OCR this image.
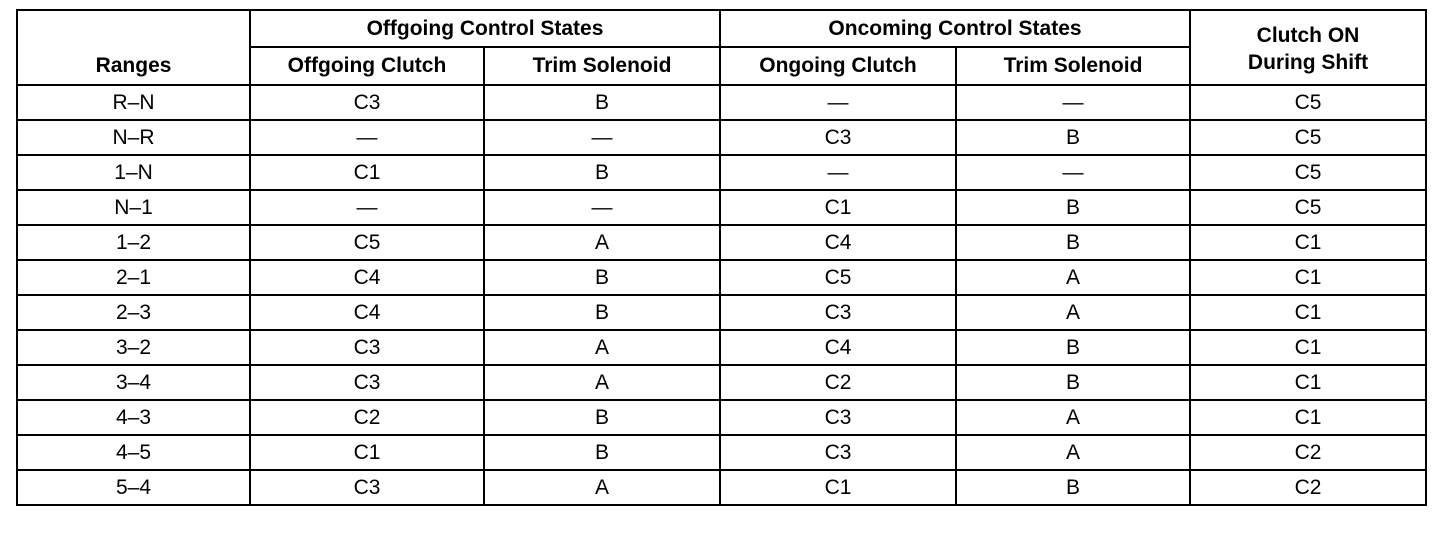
Ranges	Offgoing Control States		Oncoming Control States		Clutch ON
During Shift
	Offgoing Clutch	Trim Solenoid	Ongoing Clutch	Trim Solenoid	
R–N	C3	B	—	—	C5
N–R	—	—	C3	B	C5
1–N	C1	B	—	—	C5
N–1	—	—	C1	B	C5
1–2	C5	A	C4	B	C1
2–1	C4	B	C5	A	C1
2–3	C4	B	C3	A	C1
3–2	C3	A	C4	B	C1
3–4	C3	A	C2	B	C1
4–3	C2	B	C3	A	C1
4–5	C1	B	C3	A	C2
5–4	C3	A	C1	B	C2
